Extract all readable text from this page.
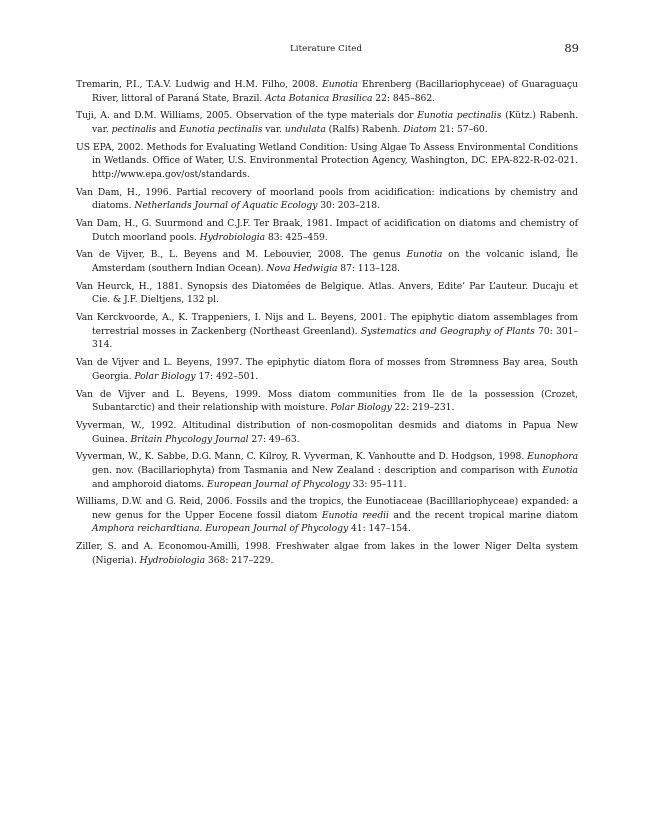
Literature Cited	89
Tremarin, P.I., T.A.V. Ludwig and H.M. Filho, 2008. Eunotia Ehrenberg (Bacillariophyceae) of Guaraguaçu River, littoral of Paraná State, Brazil. Acta Botanica Brasilica 22: 845–862.
Tuji, A. and D.M. Williams, 2005. Observation of the type materials dor Eunotia pectinalis (Kütz.) Rabenh. var. pectinalis and Eunotia pectinalis var. undulata (Ralfs) Rabenh. Diatom 21: 57–60.
US EPA, 2002. Methods for Evaluating Wetland Condition: Using Algae To Assess Environmental Conditions in Wetlands. Office of Water, U.S. Environmental Protection Agency, Washington, DC. EPA-822-R-02-021. http://www.epa.gov/ost/standards.
Van Dam, H., 1996. Partial recovery of moorland pools from acidification: indications by chemistry and diatoms. Netherlands Journal of Aquatic Ecology 30: 203–218.
Van Dam, H., G. Suurmond and C.J.F. Ter Braak, 1981. Impact of acidification on diatoms and chemistry of Dutch moorland pools. Hydrobiologia 83: 425–459.
Van de Vijver, B., L. Beyens and M. Lebouvier, 2008. The genus Eunotia on the volcanic island, Île Amsterdam (southern Indian Ocean). Nova Hedwigia 87: 113–128.
Van Heurck, H., 1881. Synopsis des Diatomées de Belgique. Atlas. Anvers, Edite’ Par L’auteur. Ducaju et Cie. & J.F. Dieltjens, 132 pl.
Van Kerckvoorde, A., K. Trappeniers, I. Nijs and L. Beyens, 2001. The epiphytic diatom assemblages from terrestrial mosses in Zackenberg (Northeast Greenland). Systematics and Geography of Plants 70: 301–314.
Van de Vijver and L. Beyens, 1997. The epiphytic diatom flora of mosses from Strømness Bay area, South Georgia. Polar Biology 17: 492–501.
Van de Vijver and L. Beyens, 1999. Moss diatom communities from Ile de la possession (Crozet, Subantarctic) and their relationship with moisture. Polar Biology 22: 219–231.
Vyverman, W., 1992. Altitudinal distribution of non-cosmopolitan desmids and diatoms in Papua New Guinea. Britain Phycology Journal 27: 49–63.
Vyverman, W., K. Sabbe, D.G. Mann, C. Kilroy, R. Vyverman, K. Vanhoutte and D. Hodgson, 1998. Eunophora gen. nov. (Bacillariophyta) from Tasmania and New Zealand : description and comparison with Eunotia and amphoroid diatoms. European Journal of Phycology 33: 95–111.
Williams, D.W. and G. Reid, 2006. Fossils and the tropics, the Eunotiaceae (Bacilllariophyceae) expanded: a new genus for the Upper Eocene fossil diatom Eunotia reedii and the recent tropical marine diatom Amphora reichardtiana. European Journal of Phycology 41: 147–154.
Ziller, S. and A. Economou-Amilli, 1998. Freshwater algae from lakes in the lower Niger Delta system (Nigeria). Hydrobiologia 368: 217–229.
